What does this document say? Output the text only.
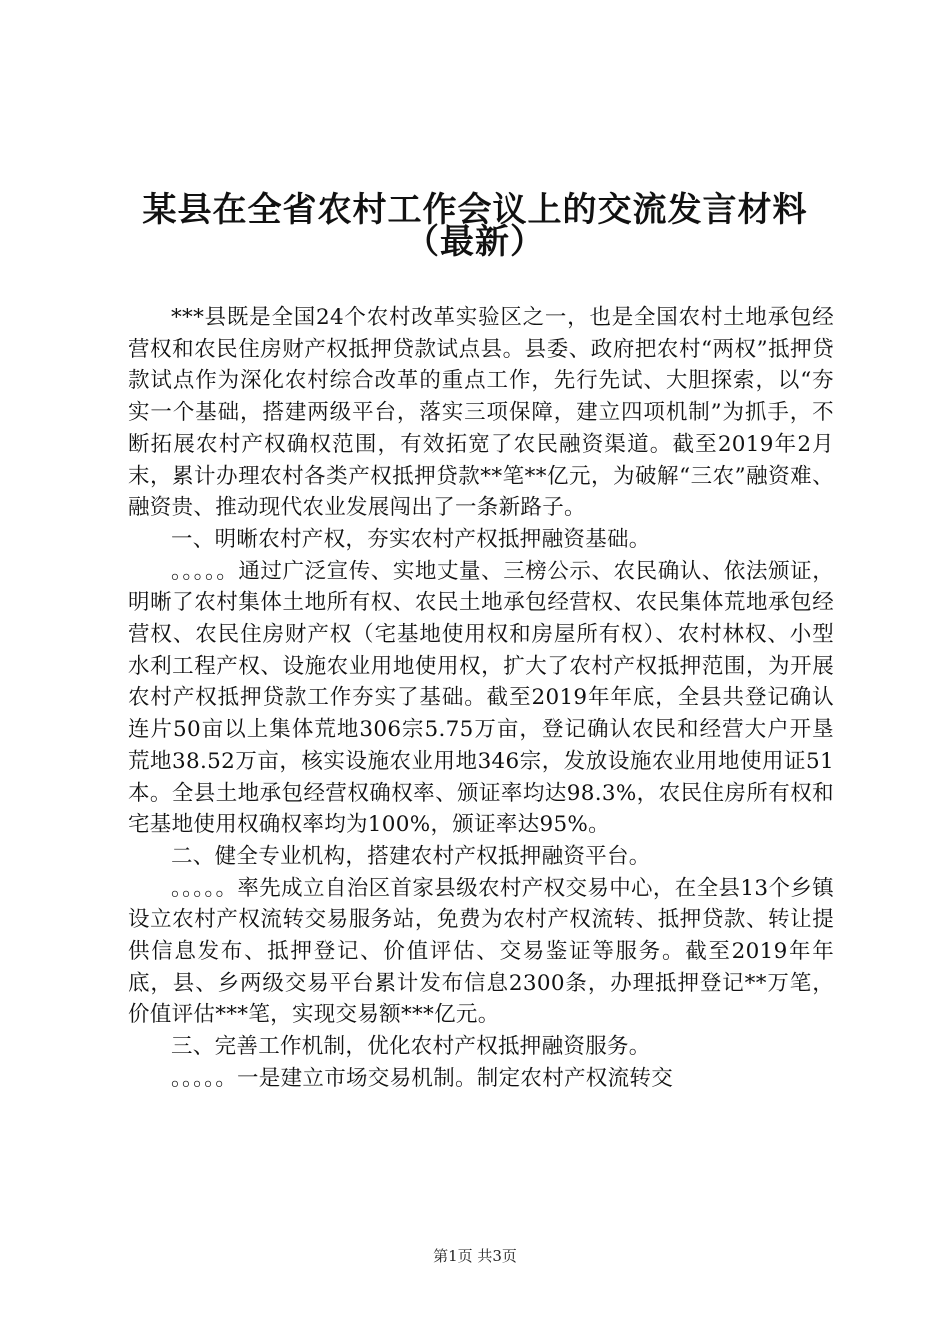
某县在全省农村工作会议上的交流发言材料
（最新）

***县既是全国24个农村改革实验区之一，也是全国农村土地承包经营权和农民住房财产权抵押贷款试点县。县委、政府把农村“两权”抵押贷款试点作为深化农村综合改革的重点工作，先行先试、大胆探索，以“夯实一个基础，搭建两级平台，落实三项保障，建立四项机制”为抓手，不断拓展农村产权确权范围，有效拓宽了农民融资渠道。截至2019年2月末，累计办理农村各类产权抵押贷款**笔**亿元，为破解“三农”融资难、融资贵、推动现代农业发展闯出了一条新路子。

一、明晰农村产权，夯实农村产权抵押融资基础。

。。。。。通过广泛宣传、实地丈量、三榜公示、农民确认、依法颁证，明晰了农村集体土地所有权、农民土地承包经营权、农民集体荒地承包经营权、农民住房财产权（宅基地使用权和房屋所有权）、农村林权、小型水利工程产权、设施农业用地使用权，扩大了农村产权抵押范围，为开展农村产权抵押贷款工作夯实了基础。截至2019年年底，全县共登记确认连片50亩以上集体荒地306宗5.75万亩，登记确认农民和经营大户开垦荒地38.52万亩，核实设施农业用地346宗，发放设施农业用地使用证51本。全县土地承包经营权确权率、颁证率均达98.3%，农民住房所有权和宅基地使用权确权率均为100%，颁证率达95%。

二、健全专业机构，搭建农村产权抵押融资平台。

。。。。。率先成立自治区首家县级农村产权交易中心，在全县13个乡镇设立农村产权流转交易服务站，免费为农村产权流转、抵押贷款、转让提供信息发布、抵押登记、价值评估、交易鉴证等服务。截至2019年年底，县、乡两级交易平台累计发布信息2300条，办理抵押登记**万笔，价值评估***笔，实现交易额***亿元。

三、完善工作机制，优化农村产权抵押融资服务。

。。。。。一是建立市场交易机制。制定农村产权流转交

第1页 共3页
